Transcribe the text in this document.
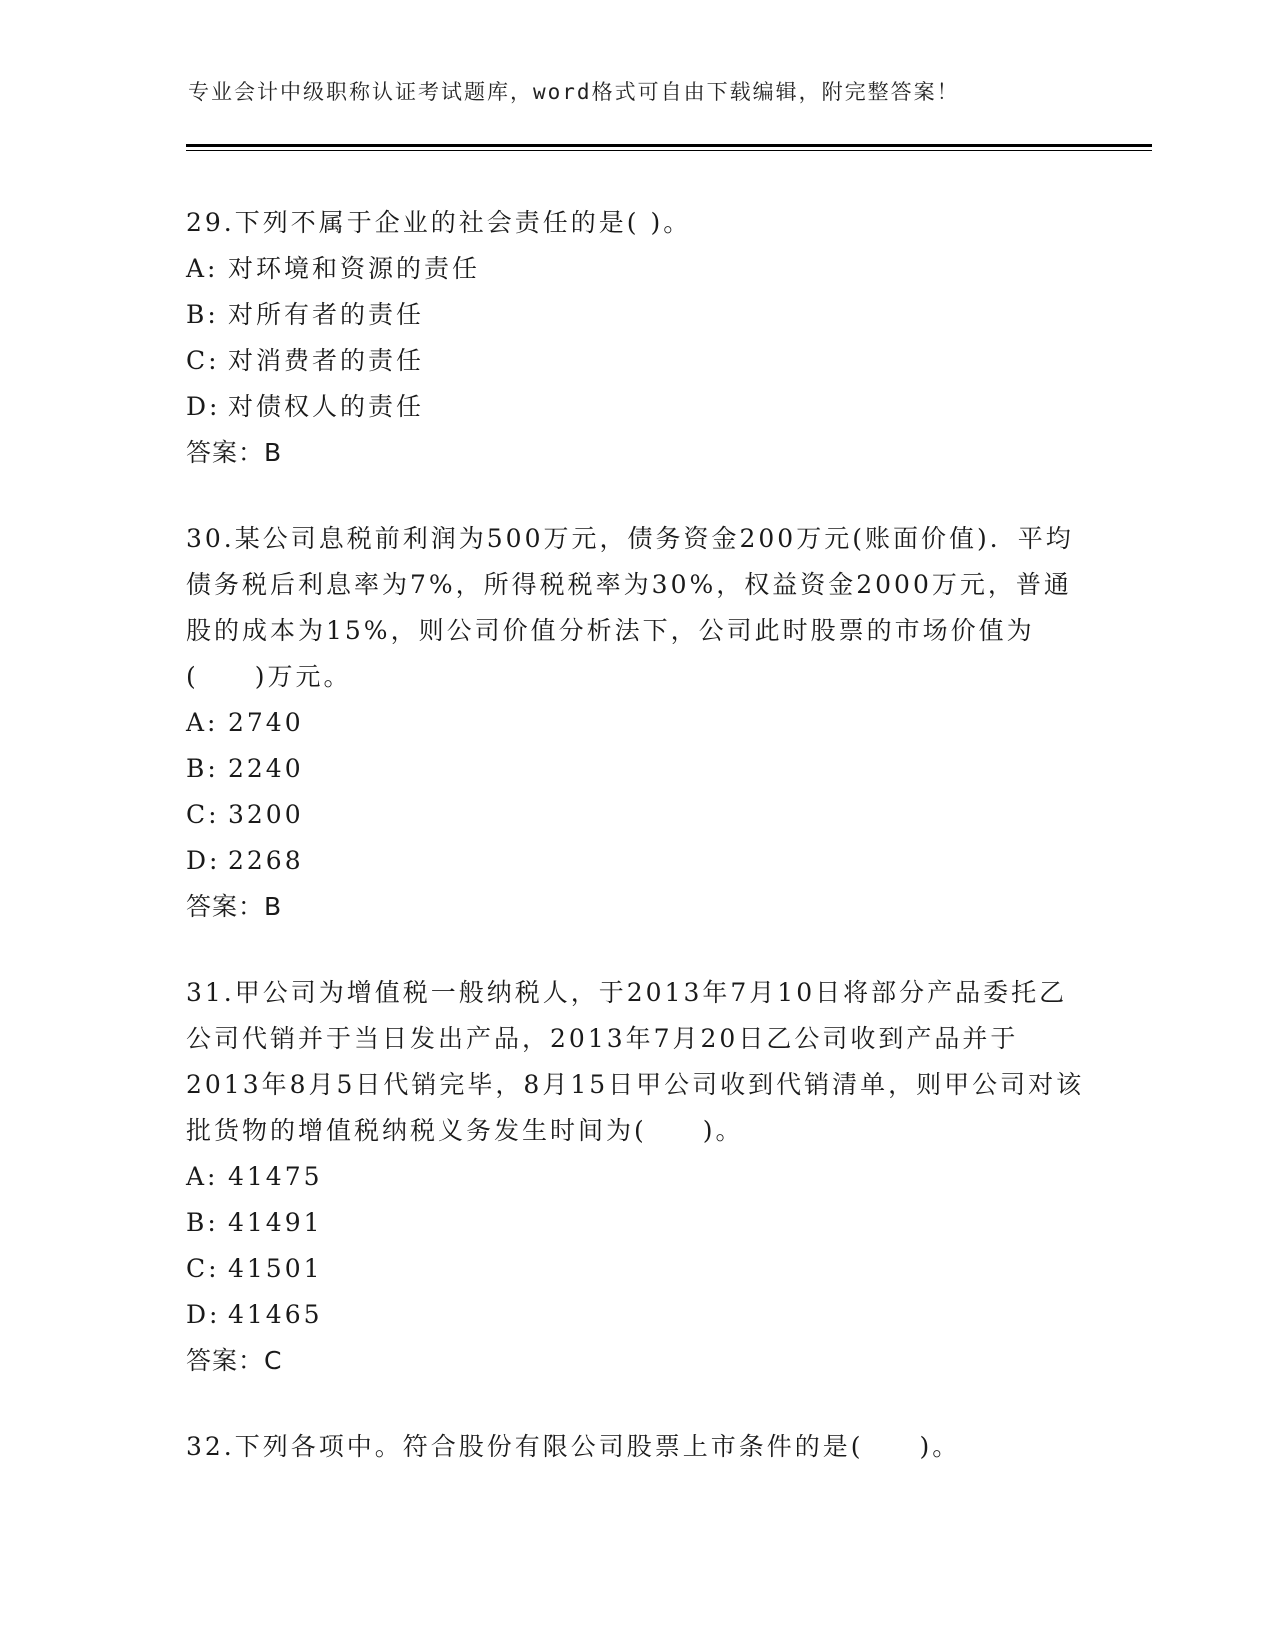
专业会计中级职称认证考试题库，word格式可自由下载编辑，附完整答案！

29.下列不属于企业的社会责任的是( )。

A: 对环境和资源的责任

B: 对所有者的责任

C: 对消费者的责任

D: 对债权人的责任

答案：B

30.某公司息税前利润为500万元，债务资金200万元(账面价值)．平均债务税后利息率为7%，所得税税率为30%，权益资金2000万元，普通股的成本为15%，则公司价值分析法下，公司此时股票的市场价值为(　　)万元。

A: 2740

B: 2240

C: 3200

D: 2268

答案：B

31.甲公司为增值税一般纳税人，于2013年7月10日将部分产品委托乙公司代销并于当日发出产品，2013年7月20日乙公司收到产品并于2013年8月5日代销完毕，8月15日甲公司收到代销清单，则甲公司对该批货物的增值税纳税义务发生时间为(　　)。

A: 41475

B: 41491

C: 41501

D: 41465

答案：C

32.下列各项中。符合股份有限公司股票上市条件的是(　　)。
